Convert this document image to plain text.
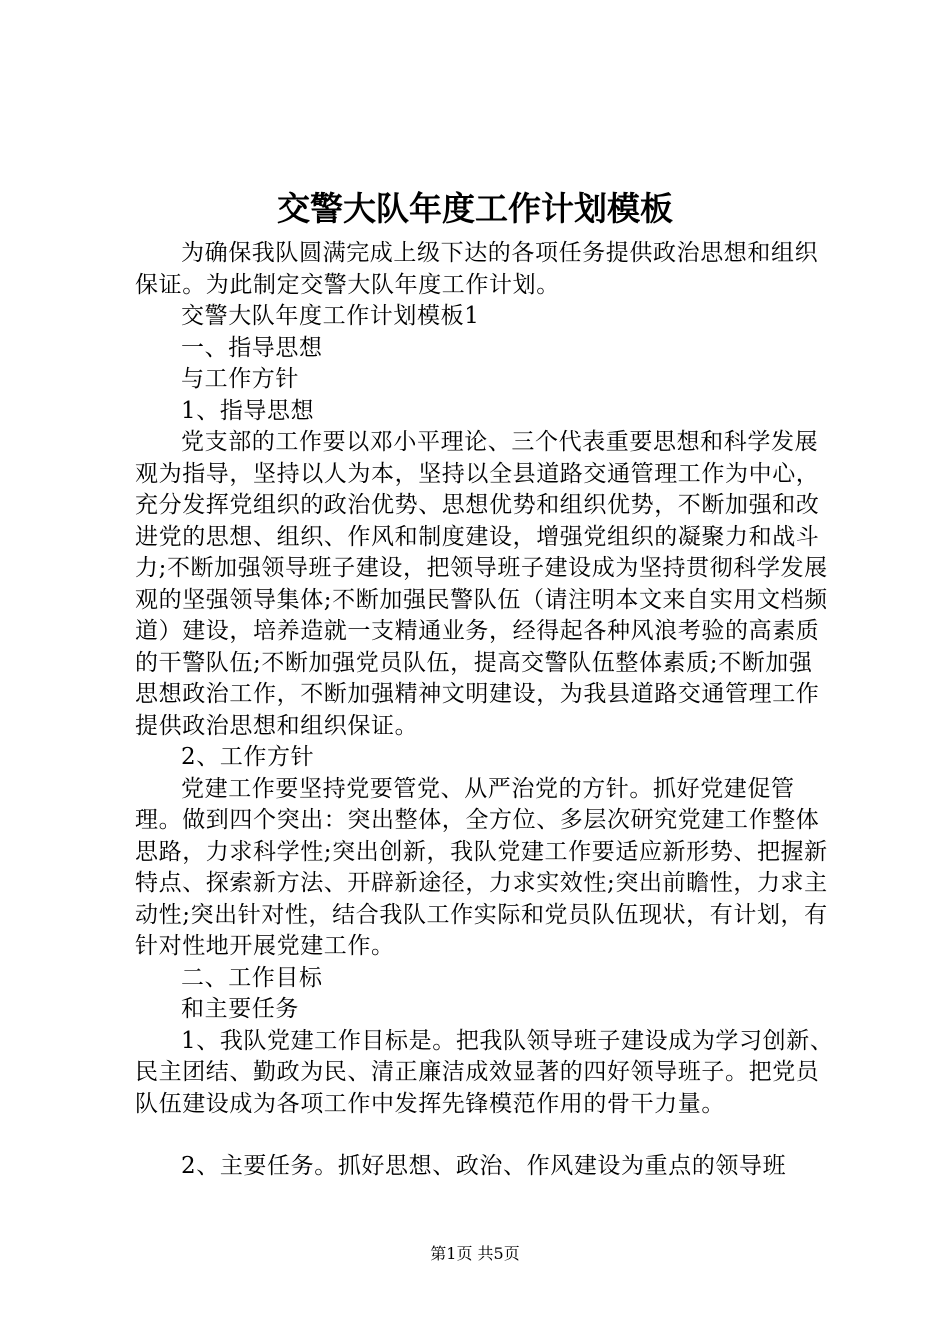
交警大队年度工作计划模板

为确保我队圆满完成上级下达的各项任务提供政治思想和组织保证。为此制定交警大队年度工作计划。

交警大队年度工作计划模板1

一、指导思想

与工作方针

1、指导思想

党支部的工作要以邓小平理论、三个代表重要思想和科学发展观为指导，坚持以人为本，坚持以全县道路交通管理工作为中心，充分发挥党组织的政治优势、思想优势和组织优势，不断加强和改进党的思想、组织、作风和制度建设，增强党组织的凝聚力和战斗力;不断加强领导班子建设，把领导班子建设成为坚持贯彻科学发展观的坚强领导集体;不断加强民警队伍（请注明本文来自实用文档频道）建设，培养造就一支精通业务，经得起各种风浪考验的高素质的干警队伍;不断加强党员队伍，提高交警队伍整体素质;不断加强思想政治工作，不断加强精神文明建设，为我县道路交通管理工作提供政治思想和组织保证。

2、工作方针

党建工作要坚持党要管党、从严治党的方针。抓好党建促管理。做到四个突出：突出整体，全方位、多层次研究党建工作整体思路，力求科学性;突出创新，我队党建工作要适应新形势、把握新特点、探索新方法、开辟新途径，力求实效性;突出前瞻性，力求主动性;突出针对性，结合我队工作实际和党员队伍现状，有计划，有针对性地开展党建工作。

二、工作目标

和主要任务

1、我队党建工作目标是。把我队领导班子建设成为学习创新、民主团结、勤政为民、清正廉洁成效显著的四好领导班子。把党员队伍建设成为各项工作中发挥先锋模范作用的骨干力量。

2、主要任务。抓好思想、政治、作风建设为重点的领导班

第1页 共5页
